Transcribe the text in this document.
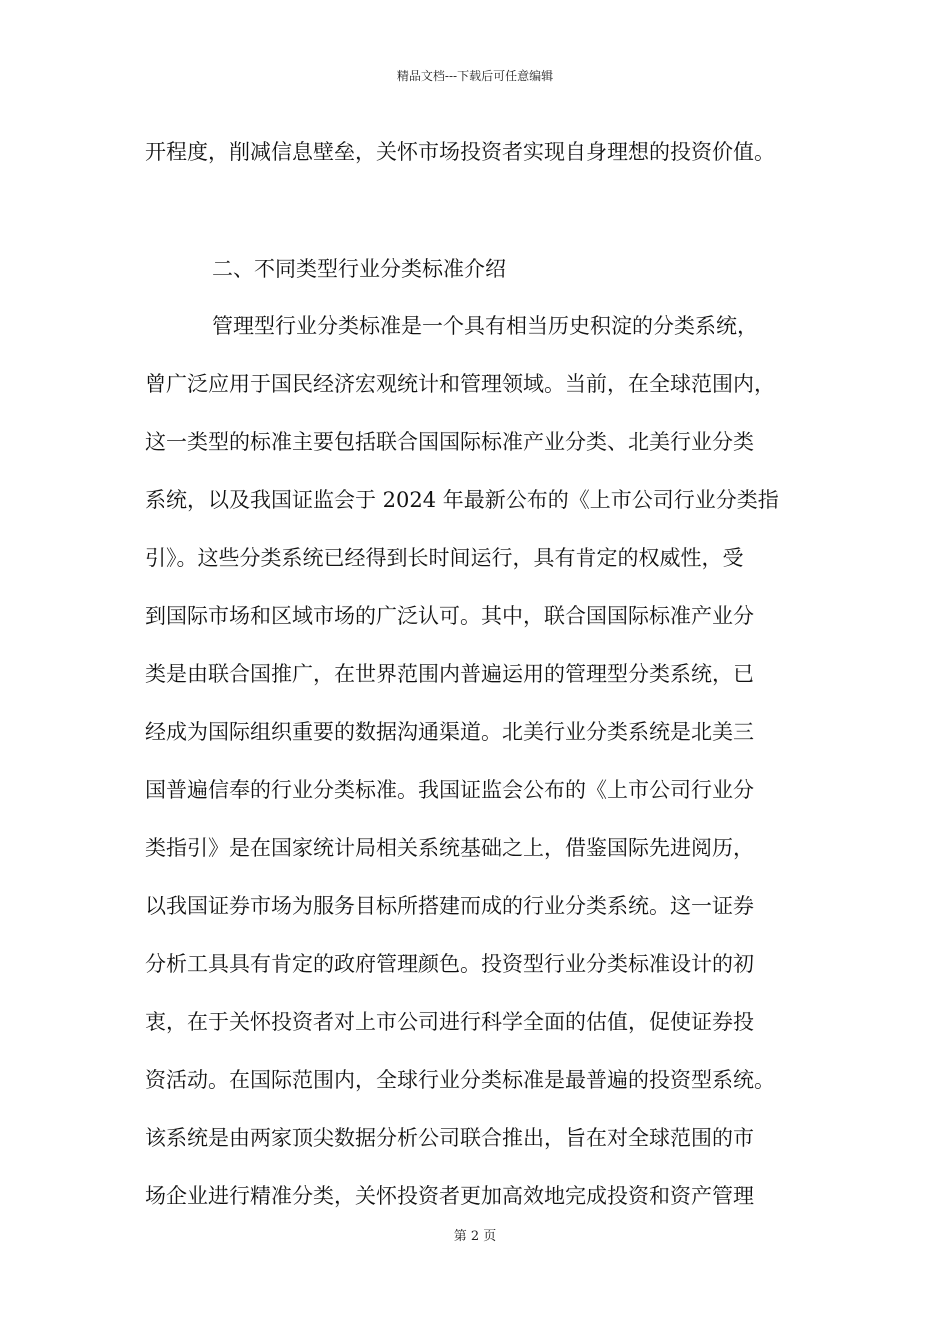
精品文档---下载后可任意编辑
开程度，削减信息壁垒，关怀市场投资者实现自身理想的投资价值。
二、不同类型行业分类标准介绍
管理型行业分类标准是一个具有相当历史积淀的分类系统，
曾广泛应用于国民经济宏观统计和管理领域。当前，在全球范围内，
这一类型的标准主要包括联合国国际标准产业分类、北美行业分类
系统，以及我国证监会于 2024 年最新公布的《上市公司行业分类指
引》。这些分类系统已经得到长时间运行，具有肯定的权威性，受
到国际市场和区域市场的广泛认可。其中，联合国国际标准产业分
类是由联合国推广，在世界范围内普遍运用的管理型分类系统，已
经成为国际组织重要的数据沟通渠道。北美行业分类系统是北美三
国普遍信奉的行业分类标准。我国证监会公布的《上市公司行业分
类指引》是在国家统计局相关系统基础之上，借鉴国际先进阅历，
以我国证券市场为服务目标所搭建而成的行业分类系统。这一证券
分析工具具有肯定的政府管理颜色。投资型行业分类标准设计的初
衷，在于关怀投资者对上市公司进行科学全面的估值，促使证券投
资活动。在国际范围内，全球行业分类标准是最普遍的投资型系统。
该系统是由两家顶尖数据分析公司联合推出，旨在对全球范围的市
场企业进行精准分类，关怀投资者更加高效地完成投资和资产管理
第 2 页
